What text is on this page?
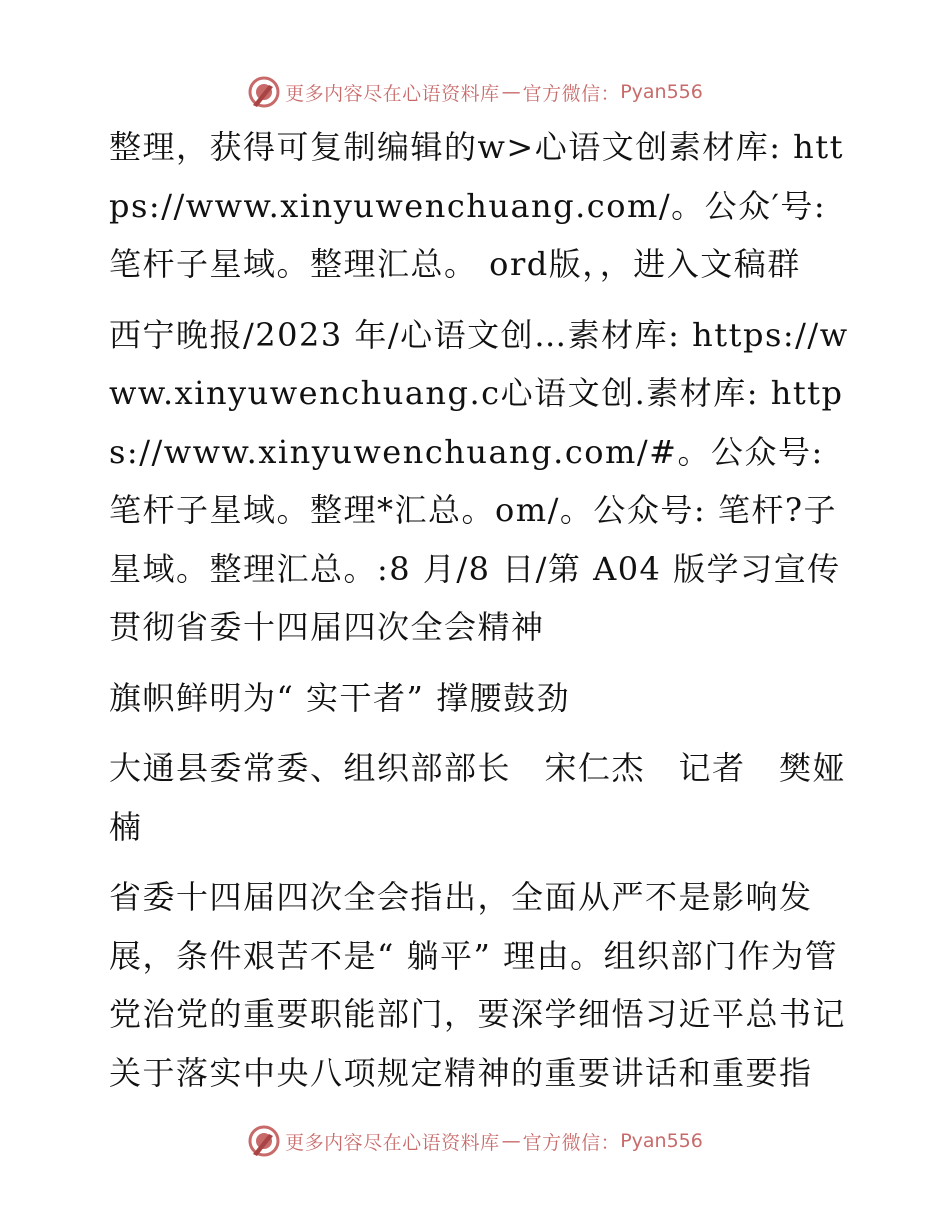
更多内容尽在心语资料库 — 官方微信： Pyan556

整理，获得可复制编辑的w>心语文创素材库: https://www.xinyuwenchuang.com/。公众′号: 笔杆子星域。整理汇总。 ord版，，进入文稿群

西宁晚报/2023 年/心语文创…素材库: https://www.xinyuwenchuang.c心语文创.素材库: https://www.xinyuwenchuang.com/#。公众号: 笔杆子星域。整理*汇总。om/。公众号: 笔杆?子星域。整理汇总。:8 月/8 日/第 A04 版学习宣传贯彻省委十四届四次全会精神

旗帜鲜明为“ 实干者” 撑腰鼓劲

大通县委常委、组织部部长　宋仁杰　记者　樊娅楠

省委十四届四次全会指出，全面从严不是影响发展，条件艰苦不是“ 躺平” 理由。组织部门作为管党治党的重要职能部门，要深学细悟习近平总书记关于落实中央八项规定精神的重要讲话和重要指

更多内容尽在心语资料库 — 官方微信： Pyan556
